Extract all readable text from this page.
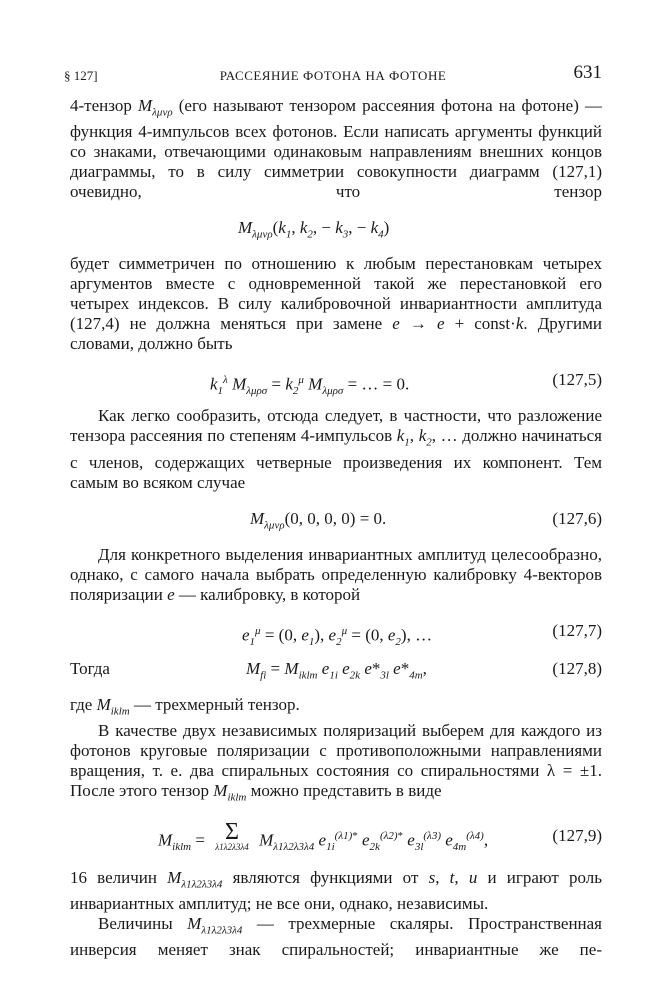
§ 127]	РАССЕЯНИЕ ФОТОНА НА ФОТОНЕ	631

4-тензор $M_{\lambda\mu\nu\rho}$ (его называют тензором рассеяния фотона на фотоне) — функция 4-импульсов всех фотонов. Если написать аргументы функций со знаками, отвечающими одинаковым направлениям внешних концов диаграммы, то в силу симметрии совокупности диаграмм (127,1) очевидно, что тензор

$M_{\lambda\mu\nu\rho}(k_1$, $k_2$, − $k_3$, − $k_4$)

будет симметричен по отношению к любым перестановкам четырех аргументов вместе с одновременной такой же перестановкой его четырех индексов. В силу калибровочной инвариантности амплитуда (127,4) не должна меняться при замене e → e + const·k. Другими словами, должно быть

$k_1^\lambda$ $M_{\lambda\mu\rho\sigma} = k_2^\mu$ $M_{\lambda\mu\rho\sigma}$ = … = 0.	(127,5)

Как легко сообразить, отсюда следует, в частности, что разложение тензора рассеяния по степеням 4-импульсов $k_1$, $k_2$, … должно начинаться с членов, содержащих четверные произведения их компонент. Тем самым во всяком случае

$M_{\lambda\mu\nu\rho}(0$, 0, 0, 0) = 0.	(127,6)

Для конкретного выделения инвариантных амплитуд целесообразно, однако, с самого начала выбрать определенную калибровку 4-векторов поляризации e — калибровку, в которой

$e_1^\mu = (0$, $e_1$), $e_2^\mu = (0$, $e_2$), …	(127,7)
Тогда	$M_{fi} = M_{iklm}$ $e_{1i}$ $e_{2k}$ $e*_{3l}$ $e*_{4m}$,	(127,8)

где $M_{iklm}$ — трехмерный тензор.

В качестве двух независимых поляризаций выберем для каждого из фотонов круговые поляризации с противоположными направлениями вращения, т. е. два спиральных состояния со спиральностями λ = ±1. После этого тензор $M_{iklm}$ можно представить в виде

$M_{iklm} = \Sigma$
λ1λ2λ3λ4 $M_{\lambda 1\lambda 2\lambda 3\lambda 4}$ $e_{1i}^{(\lambda 1)*}$ $e_{2k}^{(\lambda 2)*}$ $e_{3l}^{(\lambda 3)}$ $e_{4m}^{(\lambda 4)}$,	(127,9)

16 величин $M_{\lambda 1\lambda 2\lambda 3\lambda 4}$ являются функциями от s, t, u и играют роль инвариантных амплитуд; не все они, однако, независимы.

Величины $M_{\lambda 1\lambda 2\lambda 3\lambda 4}$ — трехмерные скаляры. Пространственная инверсия меняет знак спиральностей; инвариантные же пе-
